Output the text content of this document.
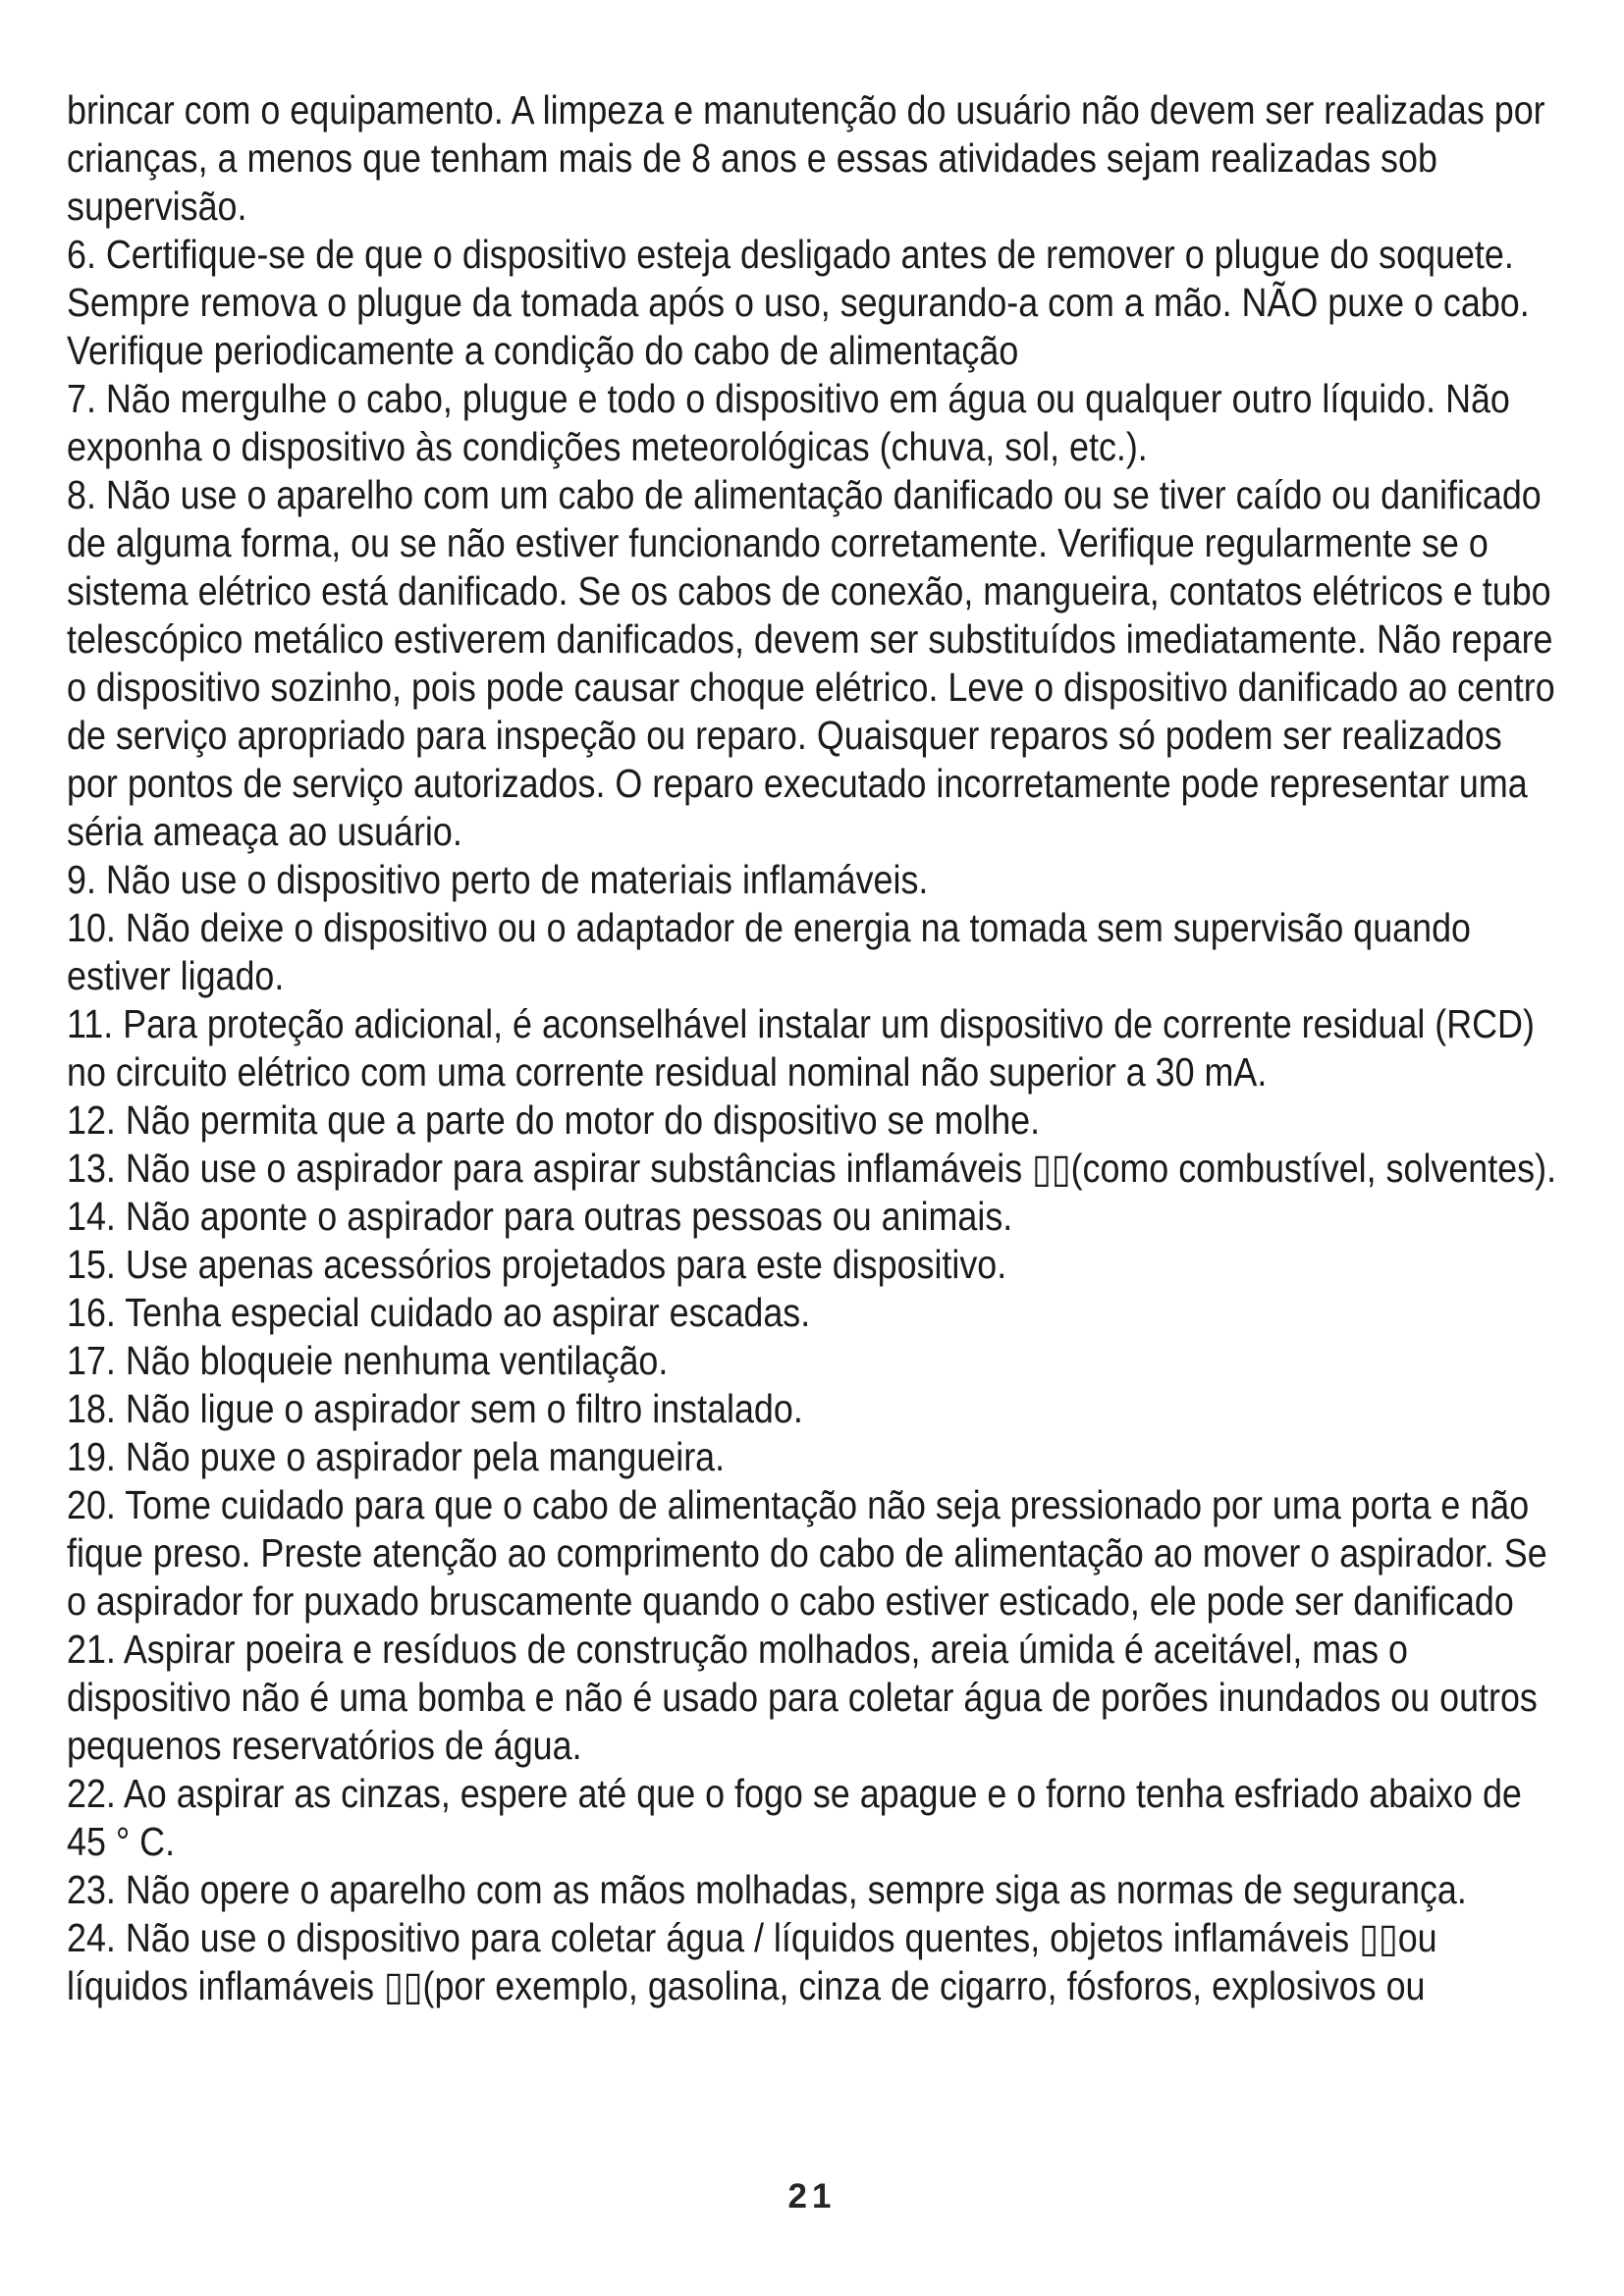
brincar com o equipamento. A limpeza e manutenção do usuário não devem ser realizadas por crianças, a menos que tenham mais de 8 anos e essas atividades sejam realizadas sob supervisão.

6. Certifique-se de que o dispositivo esteja desligado antes de remover o plugue do soquete. Sempre remova o plugue da tomada após o uso, segurando-a com a mão. NÃO puxe o cabo. Verifique periodicamente a condição do cabo de alimentação

7. Não mergulhe o cabo, plugue e todo o dispositivo em água ou qualquer outro líquido. Não exponha o dispositivo às condições meteorológicas (chuva, sol, etc.).

8. Não use o aparelho com um cabo de alimentação danificado ou se tiver caído ou danificado de alguma forma, ou se não estiver funcionando corretamente. Verifique regularmente se o sistema elétrico está danificado. Se os cabos de conexão, mangueira, contatos elétricos e tubo telescópico metálico estiverem danificados, devem ser substituídos imediatamente. Não repare o dispositivo sozinho, pois pode causar choque elétrico. Leve o dispositivo danificado ao centro de serviço apropriado para inspeção ou reparo. Quaisquer reparos só podem ser realizados por pontos de serviço autorizados. O reparo executado incorretamente pode representar uma séria ameaça ao usuário.

9. Não use o dispositivo perto de materiais inflamáveis.

10. Não deixe o dispositivo ou o adaptador de energia na tomada sem supervisão quando estiver ligado.

11. Para proteção adicional, é aconselhável instalar um dispositivo de corrente residual (RCD) no circuito elétrico com uma corrente residual nominal não superior a 30 mA.

12. Não permita que a parte do motor do dispositivo se molhe.

13. Não use o aspirador para aspirar substâncias inflamáveis ▯▯(como combustível, solventes).

14. Não aponte o aspirador para outras pessoas ou animais.

15. Use apenas acessórios projetados para este dispositivo.

16. Tenha especial cuidado ao aspirar escadas.

17. Não bloqueie nenhuma ventilação.

18. Não ligue o aspirador sem o filtro instalado.

19. Não puxe o aspirador pela mangueira.

20. Tome cuidado para que o cabo de alimentação não seja pressionado por uma porta e não fique preso. Preste atenção ao comprimento do cabo de alimentação ao mover o aspirador. Se o aspirador for puxado bruscamente quando o cabo estiver esticado, ele pode ser danificado

21. Aspirar poeira e resíduos de construção molhados, areia úmida é aceitável, mas o dispositivo não é uma bomba e não é usado para coletar água de porões inundados ou outros pequenos reservatórios de água.

22. Ao aspirar as cinzas, espere até que o fogo se apague e o forno tenha esfriado abaixo de 45 ° C.

23. Não opere o aparelho com as mãos molhadas, sempre siga as normas de segurança.

24. Não use o dispositivo para coletar água / líquidos quentes, objetos inflamáveis ▯▯ou líquidos inflamáveis ▯▯(por exemplo, gasolina, cinza de cigarro, fósforos, explosivos ou

21
